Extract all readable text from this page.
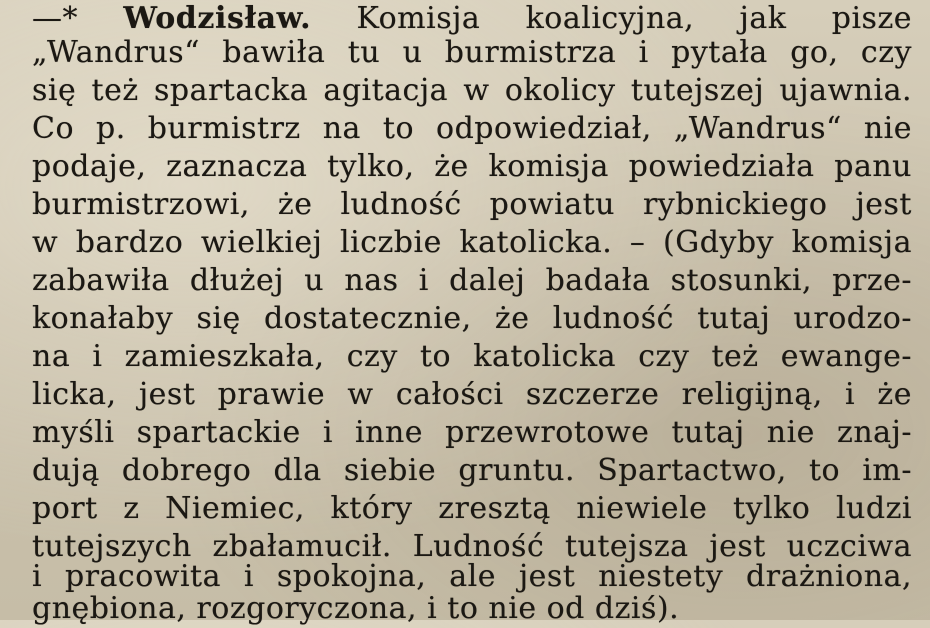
—* Wodzisław. Komisja koalicyjna, jak pisze
„Wandrus“ bawiła tu u burmistrza i pytała go, czy
się też spartacka agitacja w okolicy tutejszej ujawnia.
Co p. burmistrz na to odpowiedział, „Wandrus“ nie
podaje, zaznacza tylko, że komisja powiedziała panu
burmistrzowi, że ludność powiatu rybnickiego jest
w bardzo wielkiej liczbie katolicka. – (Gdyby komisja
zabawiła dłużej u nas i dalej badała stosunki, prze-
konałaby się dostatecznie, że ludność tutaj urodzo-
na i zamieszkała, czy to katolicka czy też ewange-
licka, jest prawie w całości szczerze religijną, i że
myśli spartackie i inne przewrotowe tutaj nie znaj-
dują dobrego dla siebie gruntu. Spartactwo, to im-
port z Niemiec, który zresztą niewiele tylko ludzi
tutejszych zbałamucił. Ludność tutejsza jest uczciwa
i pracowita i spokojna, ale jest niestety drażniona,
gnębiona, rozgoryczona, i to nie od dziś).
